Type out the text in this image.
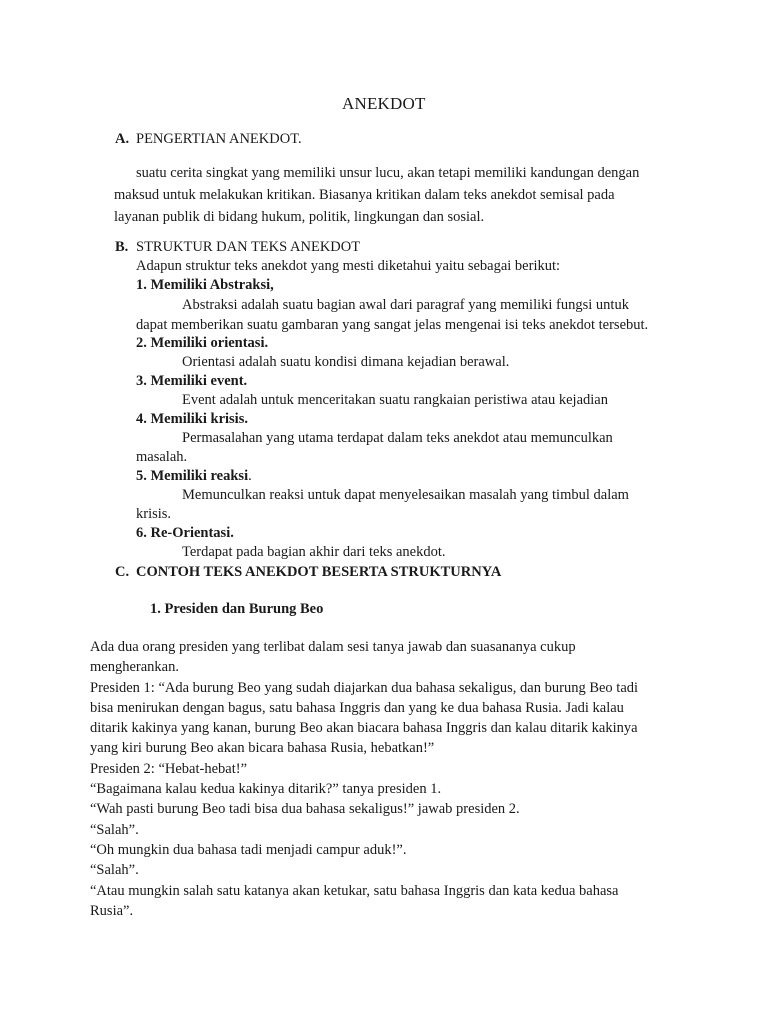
ANEKDOT
A. PENGERTIAN ANEKDOT.
suatu cerita singkat yang memiliki unsur lucu, akan tetapi memiliki kandungan dengan
maksud untuk melakukan kritikan. Biasanya kritikan dalam teks anekdot semisal pada
layanan publik di bidang hukum, politik, lingkungan dan sosial.
B. STRUKTUR DAN TEKS ANEKDOT
Adapun struktur teks anekdot yang mesti diketahui yaitu sebagai berikut:
1. Memiliki Abstraksi,
Abstraksi adalah suatu bagian awal dari paragraf yang memiliki fungsi untuk
dapat memberikan suatu gambaran yang sangat jelas mengenai isi teks anekdot tersebut.
2. Memiliki orientasi.
Orientasi adalah suatu kondisi dimana kejadian berawal.
3. Memiliki event.
Event adalah untuk menceritakan suatu rangkaian peristiwa atau kejadian
4. Memiliki krisis.
Permasalahan yang utama terdapat dalam teks anekdot atau memunculkan
masalah.
5. Memiliki reaksi.
Memunculkan reaksi untuk dapat menyelesaikan masalah yang timbul dalam
krisis.
6. Re-Orientasi.
Terdapat pada bagian akhir dari teks anekdot.
C. CONTOH TEKS ANEKDOT BESERTA STRUKTURNYA
1. Presiden dan Burung Beo
Ada dua orang presiden yang terlibat dalam sesi tanya jawab dan suasananya cukup
mengherankan.
Presiden 1: “Ada burung Beo yang sudah diajarkan dua bahasa sekaligus, dan burung Beo tadi
bisa menirukan dengan bagus, satu bahasa Inggris dan yang ke dua bahasa Rusia. Jadi kalau
ditarik kakinya yang kanan, burung Beo akan biacara bahasa Inggris dan kalau ditarik kakinya
yang kiri burung Beo akan bicara bahasa Rusia, hebatkan!”
Presiden 2: “Hebat-hebat!”
“Bagaimana kalau kedua kakinya ditarik?” tanya presiden 1.
“Wah pasti burung Beo tadi bisa dua bahasa sekaligus!” jawab presiden 2.
“Salah”.
“Oh mungkin dua bahasa tadi menjadi campur aduk!”.
“Salah”.
“Atau mungkin salah satu katanya akan ketukar, satu bahasa Inggris dan kata kedua bahasa
Rusia”.
